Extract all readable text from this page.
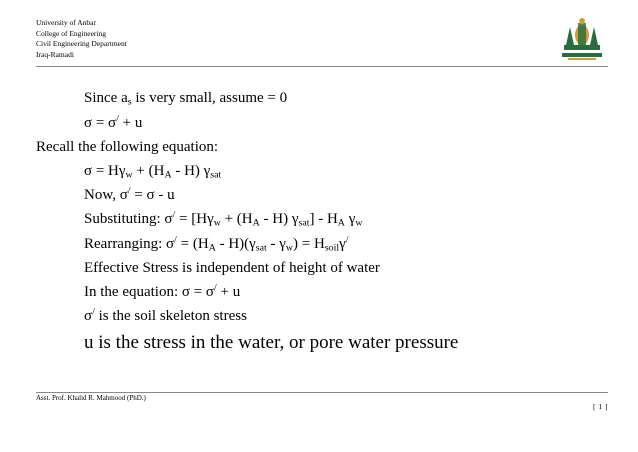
University of Anbar
College of Engineering
Civil Engineering Department
Iraq-Ramadi
Since $a_s$ is very small, assume = 0
σ = σ/ + u
Recall the following equation:
$\sigma = H\gamma_w + (H_A - H)$ $\gamma_{sat}$
Now, σ/ = σ - u
Substituting: $\sigma^/ = [H\gamma_w + (H_A - H)$ $\gamma_{sat}] - H_A$ $\gamma_w$
Rearranging: $\sigma^/ = (H_A - H)(\gamma_{sat} - \gamma_w) = H_{soil}\gamma^/$
Effective Stress is independent of height of water
In the equation: σ = σ/ + u
σ/ is the soil skeleton stress
u is the stress in the water, or pore water pressure
Asst. Prof. Khalid R. Mahmood (PhD.)
[ 1 ]
